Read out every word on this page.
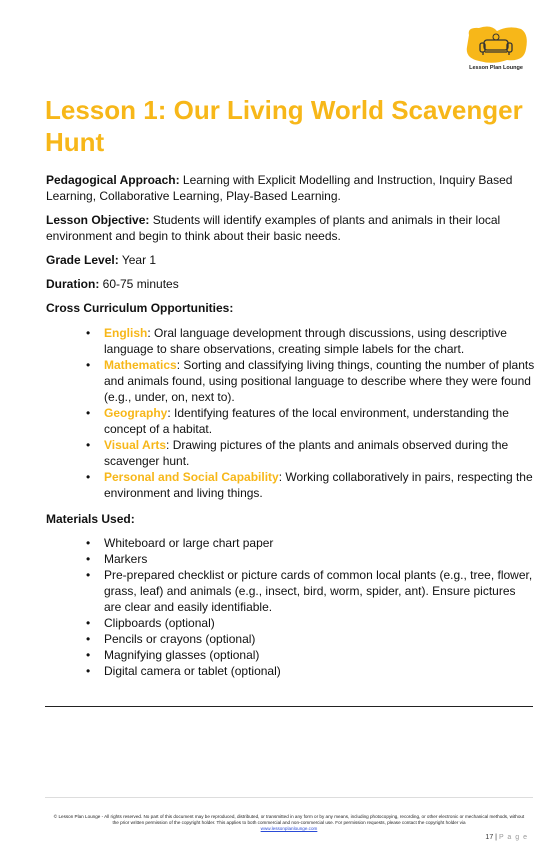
Lesson Plan Lounge
Lesson 1: Our Living World Scavenger Hunt

Pedagogical Approach: Learning with Explicit Modelling and Instruction, Inquiry Based Learning, Collaborative Learning, Play-Based Learning.

Lesson Objective: Students will identify examples of plants and animals in their local environment and begin to think about their basic needs.

Grade Level: Year 1

Duration: 60-75 minutes

Cross Curriculum Opportunities:

•	English: Oral language development through discussions, using descriptive language to share observations, creating simple labels for the chart.
•	Mathematics: Sorting and classifying living things, counting the number of plants and animals found, using positional language to describe where they were found (e.g., under, on, next to).
•	Geography: Identifying features of the local environment, understanding the concept of a habitat.
•	Visual Arts: Drawing pictures of the plants and animals observed during the scavenger hunt.
•	Personal and Social Capability: Working collaboratively in pairs, respecting the environment and living things.

Materials Used:

•	Whiteboard or large chart paper
•	Markers
•	Pre-prepared checklist or picture cards of common local plants (e.g., tree, flower, grass, leaf) and animals (e.g., insect, bird, worm, spider, ant). Ensure pictures are clear and easily identifiable.
•	Clipboards (optional)
•	Pencils or crayons (optional)
•	Magnifying glasses (optional)
•	Digital camera or tablet (optional)

© Lesson Plan Lounge - All rights reserved. No part of this document may be reproduced, distributed, or transmitted in any form or by any means, including photocopying, recording, or other electronic or mechanical methods, without the prior written permission of the copyright holder. This applies to both commercial and non-commercial use. For permission requests, please contact the copyright holder via
www.lessonplanlounge.com

17 | P a g e
